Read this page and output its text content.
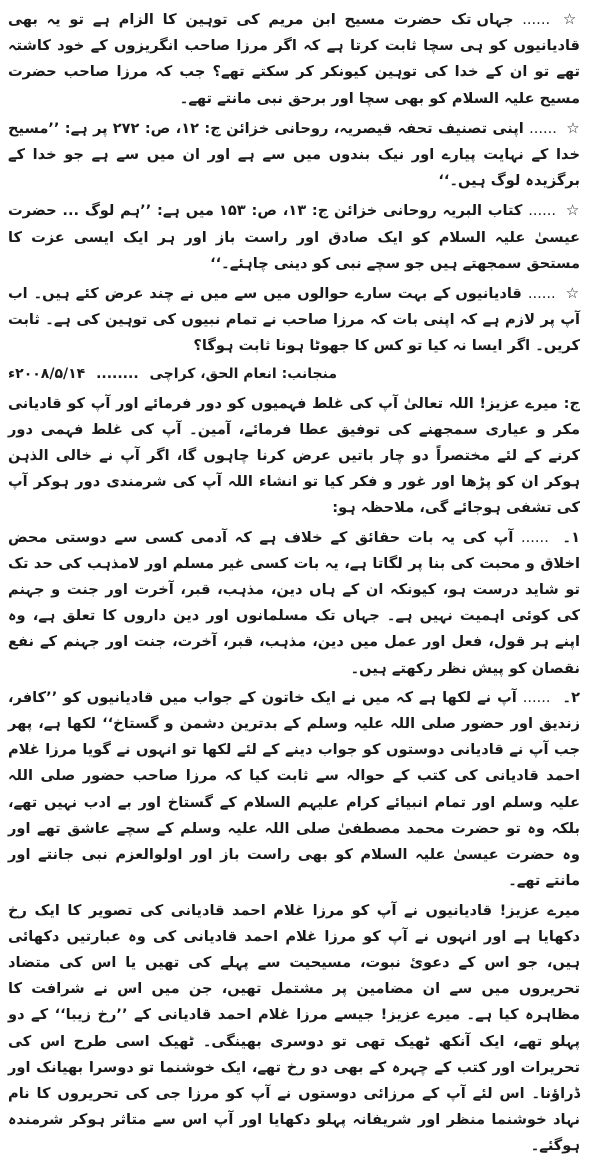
☆ ...... جہاں تک حضرت مسیح ابن مریم کی توہین کا الزام ہے تو یہ بھی قادیانیوں کو ہی سچا ثابت کرتا ہے کہ اگر مرزا صاحب انگریزوں کے خود کاشتہ تھے تو ان کے خدا کی توہین کیونکر کر سکتے تھے؟ جب کہ مرزا صاحب حضرت مسیح علیہ السلام کو بھی سچا اور برحق نبی مانتے تھے۔

☆ ...... اپنی تصنیف تحفہ قیصریہ، روحانی خزائن ج: ۱۲، ص: ۲۷۲ پر ہے: ’’مسیح خدا کے نہایت پیارے اور نیک بندوں میں سے ہے اور ان میں سے ہے جو خدا کے برگزیدہ لوگ ہیں۔‘‘

☆ ...... کتاب البریہ روحانی خزائن ج: ۱۳، ص: ۱۵۳ میں ہے: ’’ہم لوگ ... حضرت عیسیٰ علیہ السلام کو ایک صادق اور راست باز اور ہر ایک ایسی عزت کا مستحق سمجھتے ہیں جو سچے نبی کو دینی چاہئے۔‘‘

☆ ...... قادیانیوں کے بہت سارے حوالوں میں سے میں نے چند عرض کئے ہیں۔ اب آپ پر لازم ہے کہ اپنی بات کہ مرزا صاحب نے تمام نبیوں کی توہین کی ہے۔ ثابت کریں۔ اگر ایسا نہ کیا تو کس کا جھوٹا ہونا ثابت ہوگا؟

منجانب: انعام الحق، کراچی ........ ۲۰۰۸/۵/۱۴ء

ج: میرے عزیز! اللہ تعالیٰ آپ کی غلط فہمیوں کو دور فرمائے اور آپ کو قادیانی مکر و عیاری سمجھنے کی توفیق عطا فرمائے، آمین۔ آپ کی غلط فہمی دور کرنے کے لئے مختصراً دو چار باتیں عرض کرنا چاہوں گا، اگر آپ نے خالی الذہن ہوکر ان کو پڑھا اور غور و فکر کیا تو انشاء اللہ آپ کی شرمندی دور ہوکر آپ کی تشفی ہوجائے گی، ملاحظہ ہو:

۱۔ ...... آپ کی یہ بات حقائق کے خلاف ہے کہ آدمی کسی سے دوستی محض اخلاق و محبت کی بنا پر لگاتا ہے، یہ بات کسی غیر مسلم اور لامذہب کی حد تک تو شاید درست ہو، کیونکہ ان کے ہاں دین، مذہب، قبر، آخرت اور جنت و جہنم کی کوئی اہمیت نہیں ہے۔ جہاں تک مسلمانوں اور دین داروں کا تعلق ہے، وہ اپنے ہر قول، فعل اور عمل میں دین، مذہب، قبر، آخرت، جنت اور جہنم کے نفع نقصان کو پیش نظر رکھتے ہیں۔

۲۔ ...... آپ نے لکھا ہے کہ میں نے ایک خاتون کے جواب میں قادیانیوں کو ’’کافر، زندیق اور حضور صلی اللہ علیہ وسلم کے بدترین دشمن و گستاخ‘‘ لکھا ہے، پھر جب آپ نے قادیانی دوستوں کو جواب دینے کے لئے لکھا تو انہوں نے گویا مرزا غلام احمد قادیانی کی کتب کے حوالہ سے ثابت کیا کہ مرزا صاحب حضور صلی اللہ علیہ وسلم اور تمام انبیائے کرام علیہم السلام کے گستاخ اور بے ادب نہیں تھے، بلکہ وہ تو حضرت محمد مصطفیٰ صلی اللہ علیہ وسلم کے سچے عاشق تھے اور وہ حضرت عیسیٰ علیہ السلام کو بھی راست باز اور اولوالعزم نبی جانتے اور مانتے تھے۔

میرے عزیز! قادیانیوں نے آپ کو مرزا غلام احمد قادیانی کی تصویر کا ایک رخ دکھایا ہے اور انہوں نے آپ کو مرزا غلام احمد قادیانی کی وہ عبارتیں دکھائی ہیں، جو اس کے دعوئ نبوت، مسیحیت سے پہلے کی تھیں یا اس کی متضاد تحریروں میں سے ان مضامین پر مشتمل تھیں، جن میں اس نے شرافت کا مظاہرہ کیا ہے۔ میرے عزیز! جیسے مرزا غلام احمد قادیانی کے ’’رخ زیبا‘‘ کے دو پہلو تھے، ایک آنکھ ٹھیک تھی تو دوسری بھینگی۔ ٹھیک اسی طرح اس کی تحریرات اور کتب کے چہرہ کے بھی دو رخ تھے، ایک خوشنما تو دوسرا بھیانک اور ڈراؤنا۔ اس لئے آپ کے مرزائی دوستوں نے آپ کو مرزا جی کی تحریروں کا نام نہاد خوشنما منظر اور شریفانہ پہلو دکھایا اور آپ اس سے متاثر ہوکر شرمندہ ہوگئے۔
